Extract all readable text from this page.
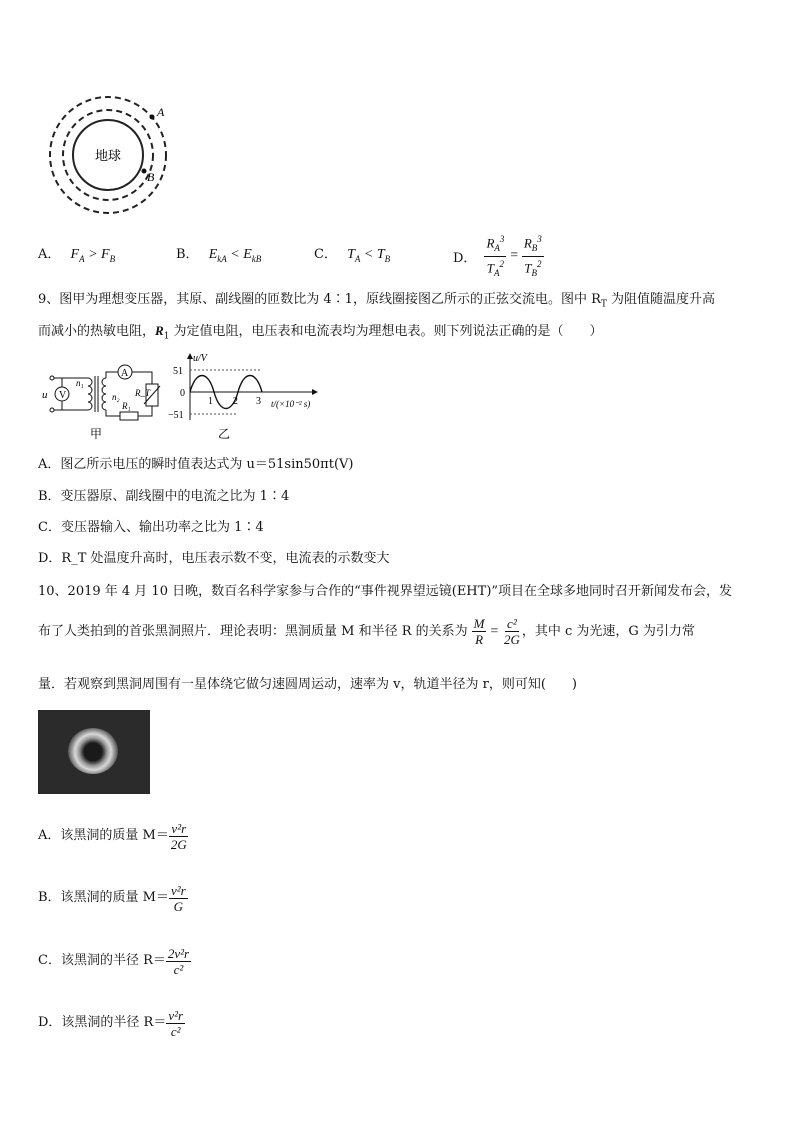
地球
A
B
A． $F_A > F_B$	B． $E_{kA} < E_{kB}$	C． $T_A < T_B$	D． $\frac{R_A^3}{T_A^2} = \frac{R_B^3}{T_B^2}$
9、图甲为理想变压器，其原、副线圈的匝数比为 4∶1，原线圈接图乙所示的正弦交流电。图中 $R_T$ 为阻值随温度升高
而减小的热敏电阻，$R_1$ 为定值电阻，电压表和电流表均为理想电表。则下列说法正确的是（　　）
u V
n₁
n₂
A
R_T
R₁
甲
u/V
51
0
−51
1 2 3 t/(×10⁻² s)
乙
A．图乙所示电压的瞬时值表达式为 u＝51sin50πt(V)
B．变压器原、副线圈中的电流之比为 1∶4
C．变压器输入、输出功率之比为 1∶4
D．R_T 处温度升高时，电压表示数不变，电流表的示数变大
10、2019 年 4 月 10 日晚，数百名科学家参与合作的“事件视界望远镜(EHT)”项目在全球多地同时召开新闻发布会，发
布了人类拍到的首张黑洞照片．理论表明：黑洞质量 M 和半径 R 的关系为 $\frac{M}{R} = \frac{\text{c²}}{2G}$ ，其中 c 为光速，G 为引力常
量．若观察到黑洞周围有一星体绕它做匀速圆周运动，速率为 v，轨道半径为 r，则可知(　　)
A．该黑洞的质量 $M= \frac{\text{v²r}}{2G}$
B．该黑洞的质量 $M= \frac{\text{v²r}}{G}$
C．该黑洞的半径 $R= \frac{\text{2v²r}}{\text{c²}}$
D．该黑洞的半径 $R= \frac{\text{v²r}}{\text{c²}}$
